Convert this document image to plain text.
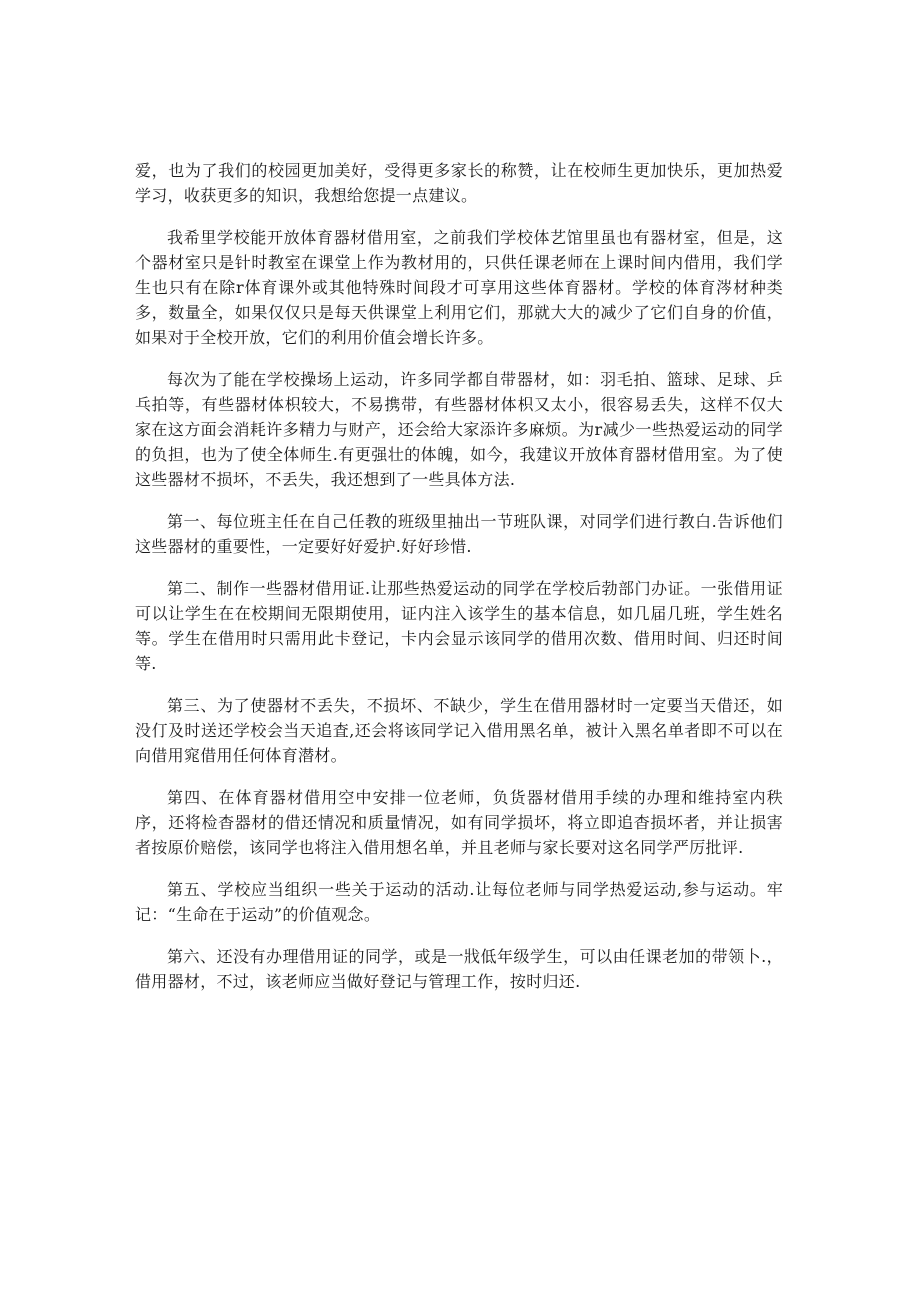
爱，也为了我们的校园更加美好，受得更多家长的称赞，让在校师生更加快乐，更加热爱学习，收获更多的知识，我想给您提一点建议。

我希里学校能开放体育器材借用室，之前我们学校体艺馆里虽也有器材室，但是，这个器材室只是针时教室在课堂上作为教材用的，只供任课老师在上课时间内借用，我们学生也只有在除r体育课外或其他特殊时间段才可享用这些体育器材。学校的体育涔材种类多，数量全，如果仅仅只是每天供课堂上利用它们，那就大大的减少了它们自身的价值，如果对于全校开放，它们的利用价值会增长许多。

每次为了能在学校操场上运动，许多同学都自带器材，如：羽毛拍、篮球、足球、乒乓拍等，有些器材体枳较大，不易携带，有些器材体枳又太小，很容易丢失，这样不仅大家在这方面会消耗许多精力与财产，还会给大家添许多麻烦。为r减少一些热爱运动的同学的负担，也为了使全体师生.有更强壮的体魄，如今，我建议开放体育器材借用室。为了使这些器材不损坏，不丢失，我还想到了一些具体方法.

第一、每位班主任在自己任教的班级里抽出一节班队课，对同学们进行教白.告诉他们这些器材的重要性，一定要好好爱护.好好珍惜.

第二、制作一些器材借用证.让那些热爱运动的同学在学校后勃部门办证。一张借用证可以让学生在在校期间无限期使用，证内注入该学生的基本信息，如几届几班，学生姓名等。学生在借用时只需用此卡登记，卡内会显示该同学的借用次数、借用时间、归还时间等.

第三、为了使器材不丢失，不损坏、不缺少，学生在借用器材时一定要当天借还，如没仃及时送还学校会当天追査,还会将该同学记入借用黑名单，被计入黑名单者即不可以在向借用窕借用任何体育潜材。

第四、在体育器材借用空中安排一位老师，负货器材借用手续的办理和维持室内秩序，还将检杳器材的借还情况和质量情况，如有同学损坏，将立即追杳损坏者，并让损害者按原价赔偿，该同学也将注入借用想名单，并且老师与家长要对这名同学严厉批评.

第五、学校应当组织一些关于运动的活动.让每位老师与同学热爱运动,参与运动。牢记：“生命在于运动”的价值观念。

第六、还没有办理借用证的同学，或是一戕低年级学生，可以由任课老加的带领卜.，借用器材，不过，该老师应当做好登记与管理工作，按时归还.
